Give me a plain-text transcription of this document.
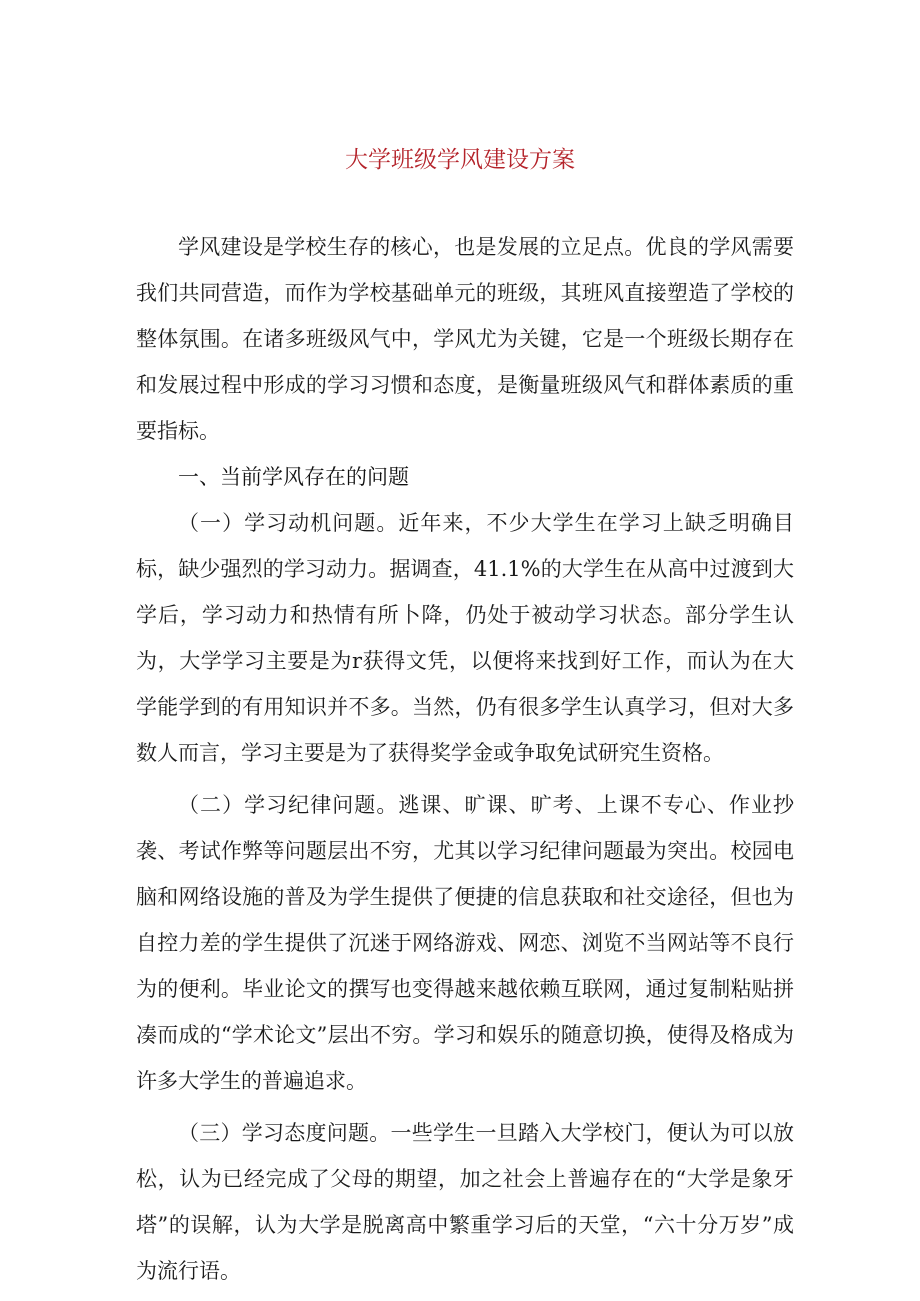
大学班级学风建设方案

学风建设是学校生存的核心，也是发展的立足点。优良的学风需要我们共同营造，而作为学校基础单元的班级，其班风直接塑造了学校的整体氛围。在诸多班级风气中，学风尤为关键，它是一个班级长期存在和发展过程中形成的学习习惯和态度，是衡量班级风气和群体素质的重要指标。

一、当前学风存在的问题

（一）学习动机问题。近年来，不少大学生在学习上缺乏明确目标，缺少强烈的学习动力。据调查，41.1%的大学生在从高中过渡到大学后，学习动力和热情有所卜降，仍处于被动学习状态。部分学生认为，大学学习主要是为r获得文凭，以便将来找到好工作，而认为在大学能学到的有用知识并不多。当然，仍有很多学生认真学习，但对大多数人而言，学习主要是为了获得奖学金或争取免试研究生资格。

（二）学习纪律问题。逃课、旷课、旷考、上课不专心、作业抄袭、考试作弊等问题层出不穷，尤其以学习纪律问题最为突出。校园电脑和网络设施的普及为学生提供了便捷的信息获取和社交途径，但也为自控力差的学生提供了沉迷于网络游戏、网恋、浏览不当网站等不良行为的便利。毕业论文的撰写也变得越来越依赖互联网，通过复制粘贴拼凑而成的“学术论文”层出不穷。学习和娱乐的随意切换，使得及格成为许多大学生的普遍追求。

（三）学习态度问题。一些学生一旦踏入大学校门，便认为可以放松，认为已经完成了父母的期望，加之社会上普遍存在的“大学是象牙塔”的误解，认为大学是脱离高中繁重学习后的天堂，“六十分万岁”成为流行语。
